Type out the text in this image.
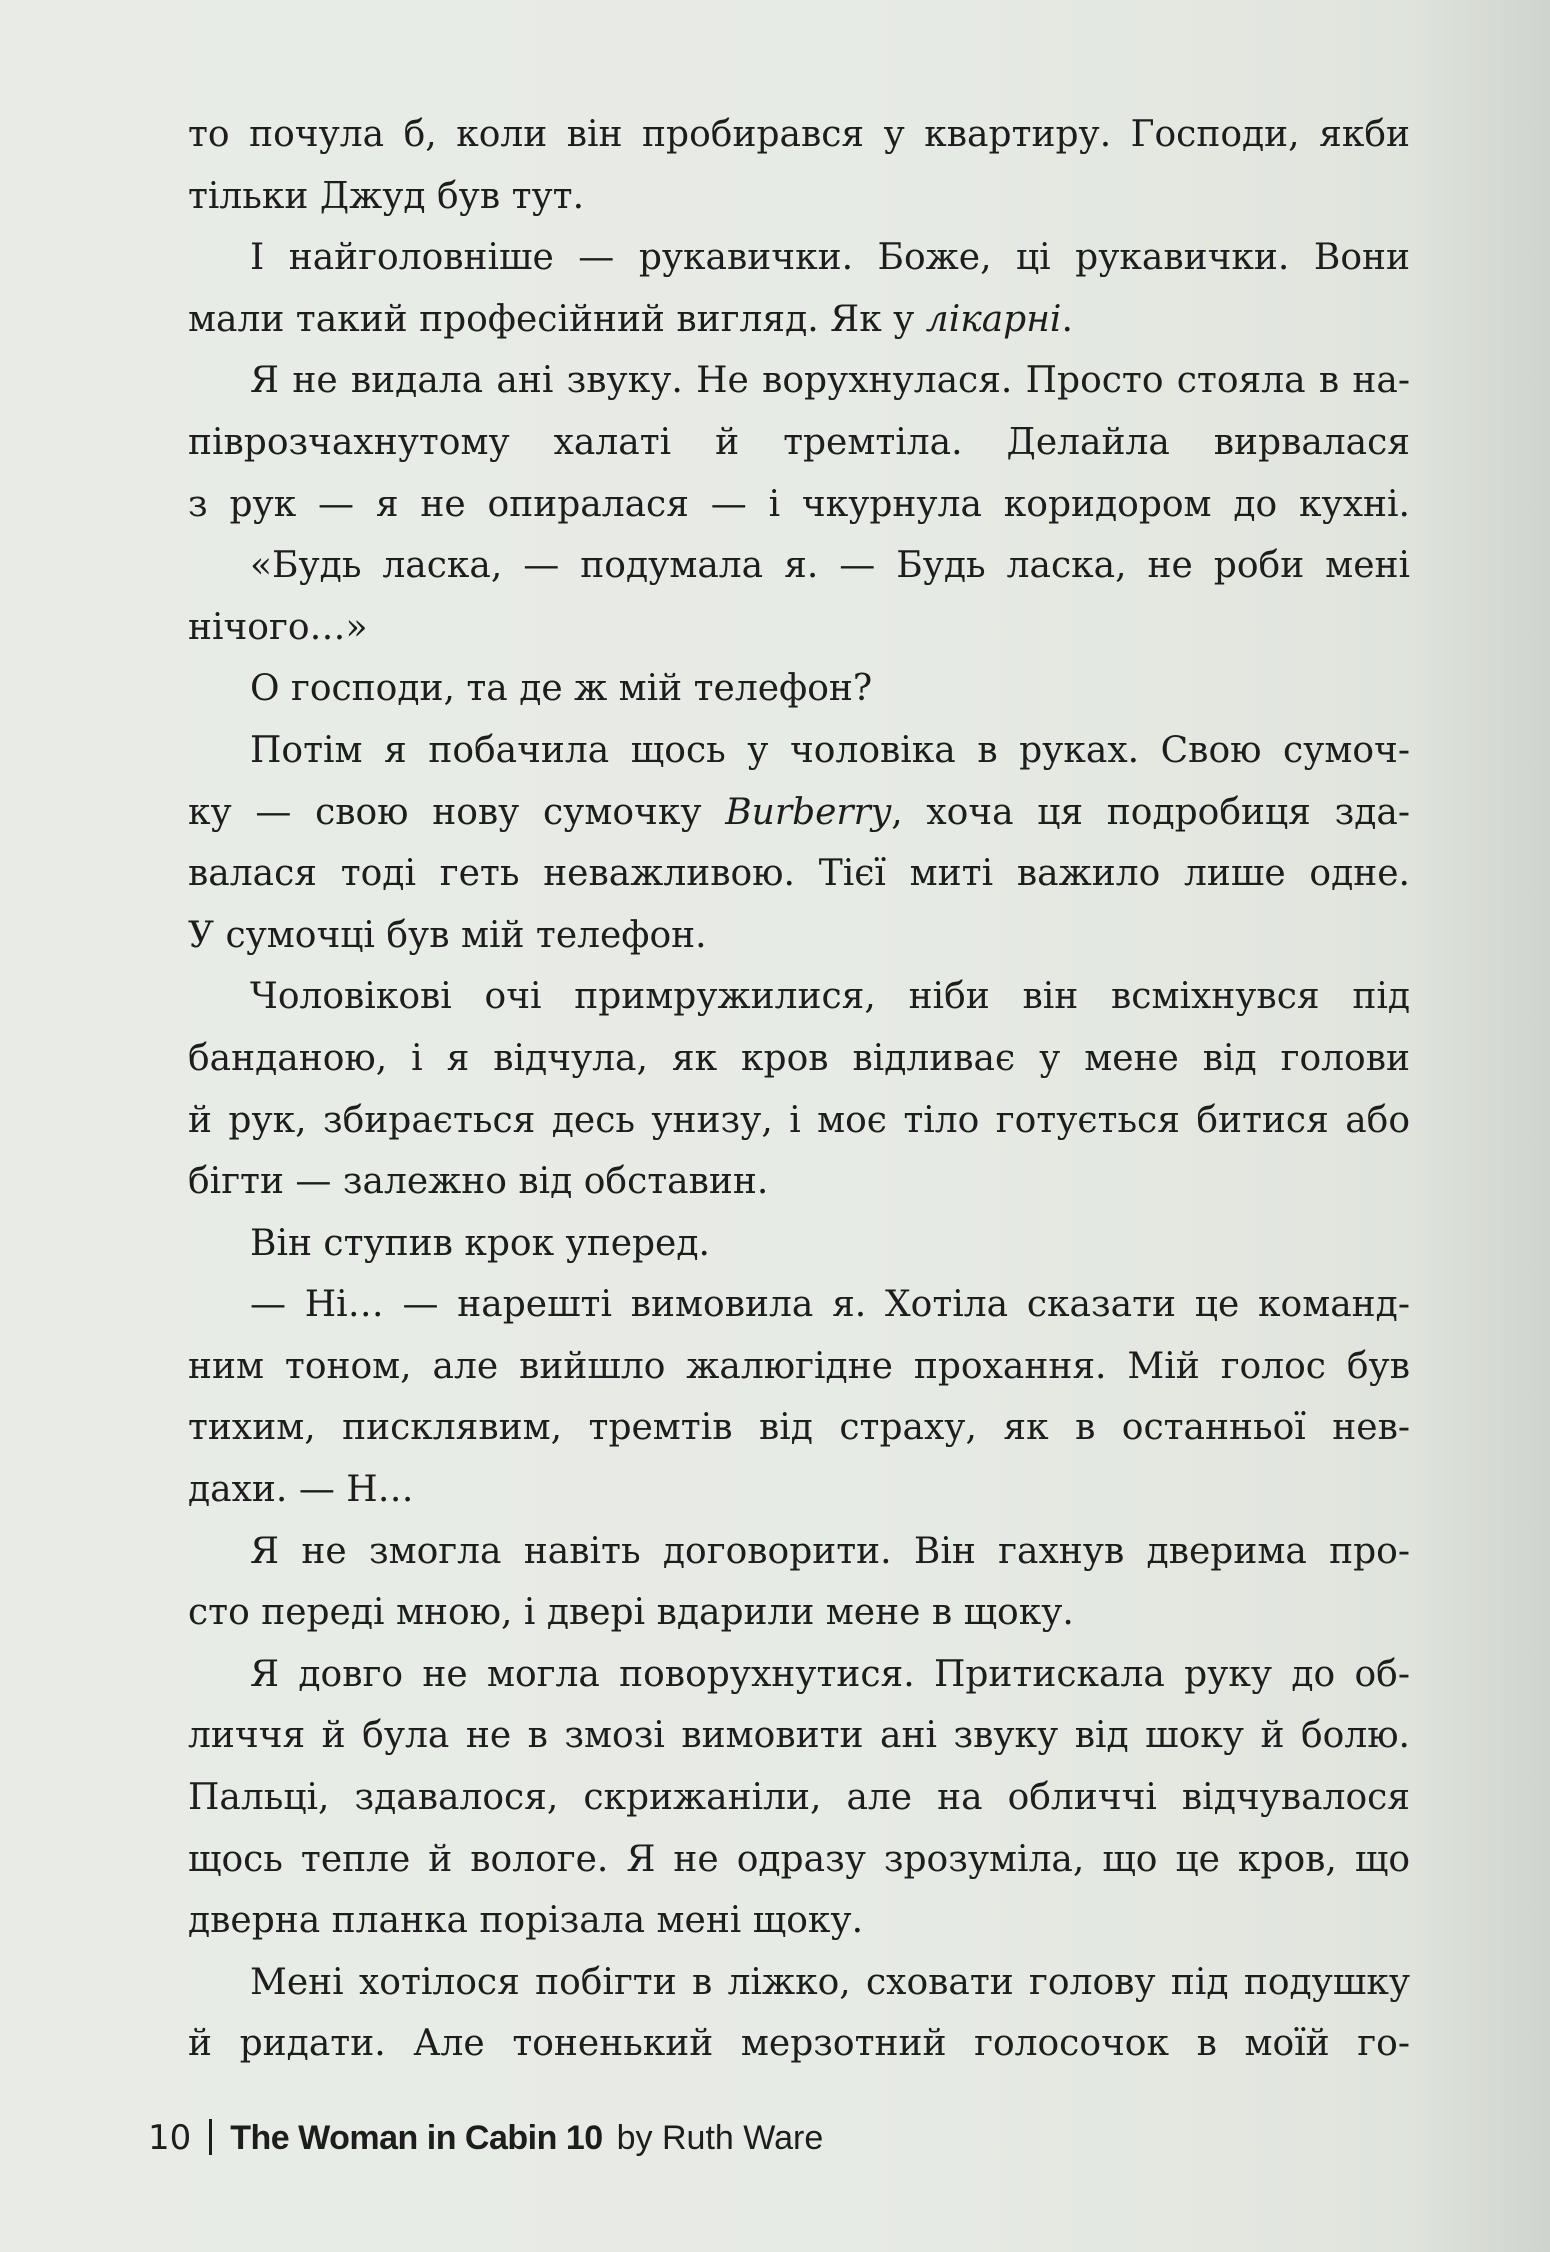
то почула б, коли він пробирався у квартиру. Господи, якби
тільки Джуд був тут.
І найголовніше — рукавички. Боже, ці рукавички. Вони
мали такий професійний вигляд. Як у лікарні.
Я не видала ані звуку. Не ворухнулася. Просто стояла в на-
піврозчахнутому халаті й тремтіла. Делайла вирвалася
з рук — я не опиралася — і чкурнула коридором до кухні.
«Будь ласка, — подумала я. — Будь ласка, не роби мені
нічого…»
О господи, та де ж мій телефон?
Потім я побачила щось у чоловіка в руках. Свою сумоч-
ку — свою нову сумочку Burberry, хоча ця подробиця зда-
валася тоді геть неважливою. Тієї миті важило лише одне.
У сумочці був мій телефон.
Чоловікові очі примружилися, ніби він всміхнувся під
банданою, і я відчула, як кров відливає у мене від голови
й рук, збирається десь унизу, і моє тіло готується битися або
бігти — залежно від обставин.
Він ступив крок уперед.
— Ні… — нарешті вимовила я. Хотіла сказати це команд-
ним тоном, але вийшло жалюгідне прохання. Мій голос був
тихим, писклявим, тремтів від страху, як в останньої нев-
дахи. — Н…
Я не змогла навіть договорити. Він гахнув дверима про-
сто переді мною, і двері вдарили мене в щоку.
Я довго не могла поворухнутися. Притискала руку до об-
личчя й була не в змозі вимовити ані звуку від шоку й болю.
Пальці, здавалося, скрижаніли, але на обличчі відчувалося
щось тепле й вологе. Я не одразу зрозуміла, що це кров, що
дверна планка порізала мені щоку.
Мені хотілося побігти в ліжко, сховати голову під подушку
й ридати. Але тоненький мерзотний голосочок в моїй го-
10 The Woman in Cabin 10 by Ruth Ware
